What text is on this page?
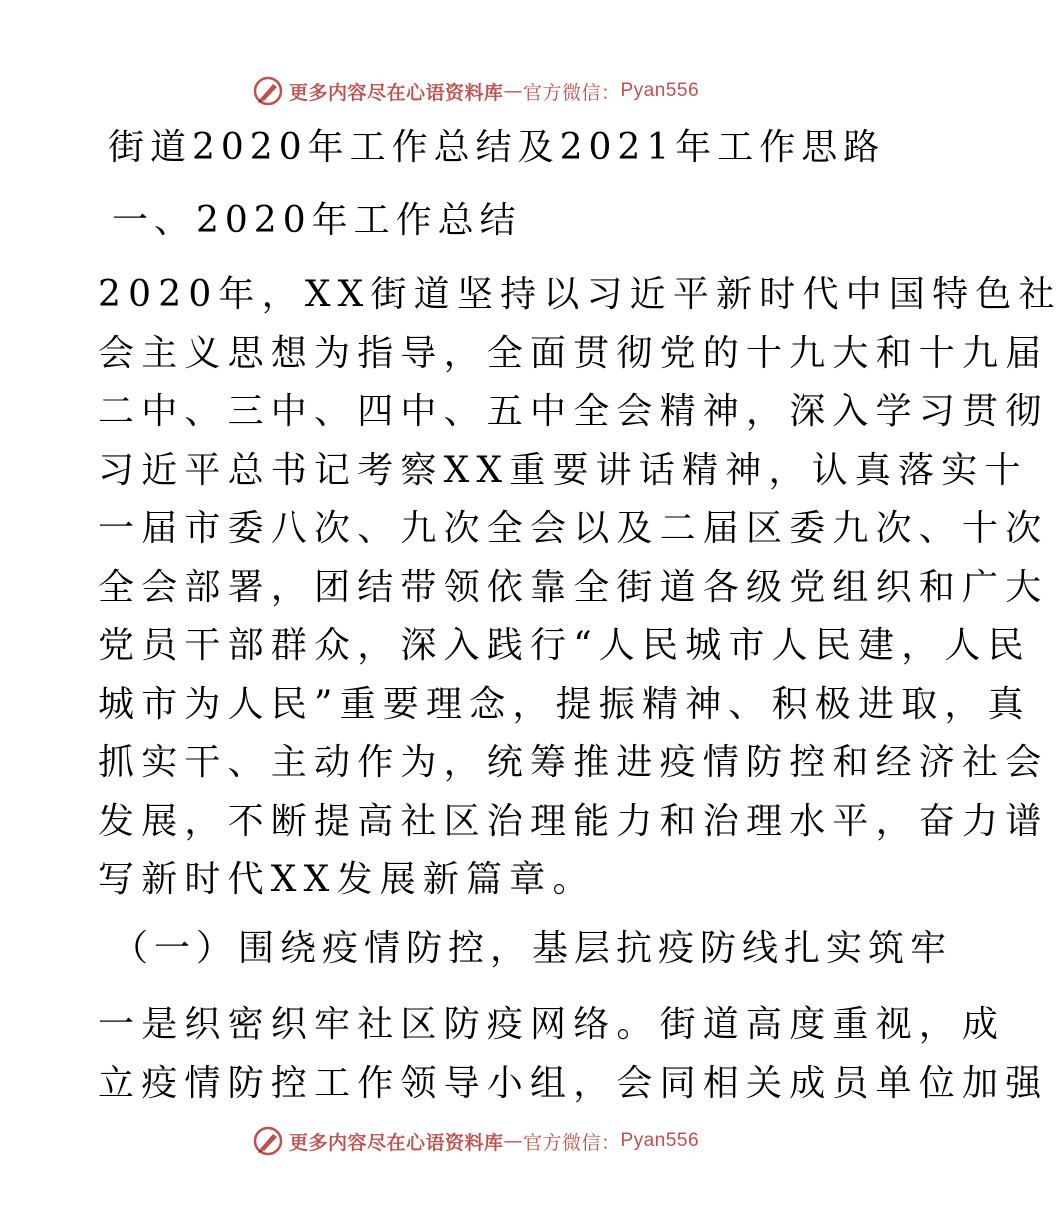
更多内容尽在心语资料库 — 官方微信： Pyan556
街道2020年工作总结及2021年工作思路
一、2020年工作总结

2020年，XX街道坚持以习近平新时代中国特色社

会主义思想为指导，全面贯彻党的十九大和十九届

二中、三中、四中、五中全会精神，深入学习贯彻

习近平总书记考察XX重要讲话精神，认真落实十

一届市委八次、九次全会以及二届区委九次、十次

全会部署，团结带领依靠全街道各级党组织和广大

党员干部群众，深入践行“人民城市人民建，人民

城市为人民”重要理念，提振精神、积极进取，真

抓实干、主动作为，统筹推进疫情防控和经济社会

发展，不断提高社区治理能力和治理水平，奋力谱

写新时代XX发展新篇章。

（一）围绕疫情防控，基层抗疫防线扎实筑牢

一是织密织牢社区防疫网络。街道高度重视，成

立疫情防控工作领导小组，会同相关成员单位加强

更多内容尽在心语资料库 — 官方微信： Pyan556
